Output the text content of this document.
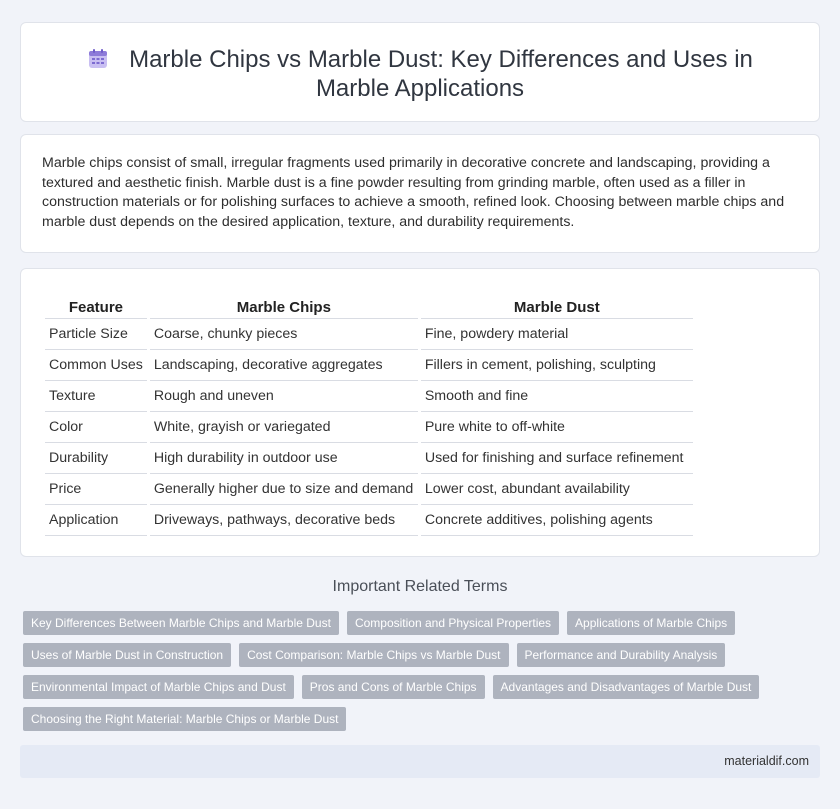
Marble Chips vs Marble Dust: Key Differences and Uses in Marble Applications

Marble chips consist of small, irregular fragments used primarily in decorative concrete and landscaping, providing a textured and aesthetic finish. Marble dust is a fine powder resulting from grinding marble, often used as a filler in construction materials or for polishing surfaces to achieve a smooth, refined look. Choosing between marble chips and marble dust depends on the desired application, texture, and durability requirements.

Feature	Marble Chips	Marble Dust
Particle Size	Coarse, chunky pieces	Fine, powdery material
Common Uses	Landscaping, decorative aggregates	Fillers in cement, polishing, sculpting
Texture	Rough and uneven	Smooth and fine
Color	White, grayish or variegated	Pure white to off-white
Durability	High durability in outdoor use	Used for finishing and surface refinement
Price	Generally higher due to size and demand	Lower cost, abundant availability
Application	Driveways, pathways, decorative beds	Concrete additives, polishing agents
Important Related Terms
Key Differences Between Marble Chips and Marble Dust	Composition and Physical Properties	Applications of Marble Chips
Uses of Marble Dust in Construction	Cost Comparison: Marble Chips vs Marble Dust	Performance and Durability Analysis
Environmental Impact of Marble Chips and Dust	Pros and Cons of Marble Chips	Advantages and Disadvantages of Marble Dust
Choosing the Right Material: Marble Chips or Marble Dust
materialdif.com
